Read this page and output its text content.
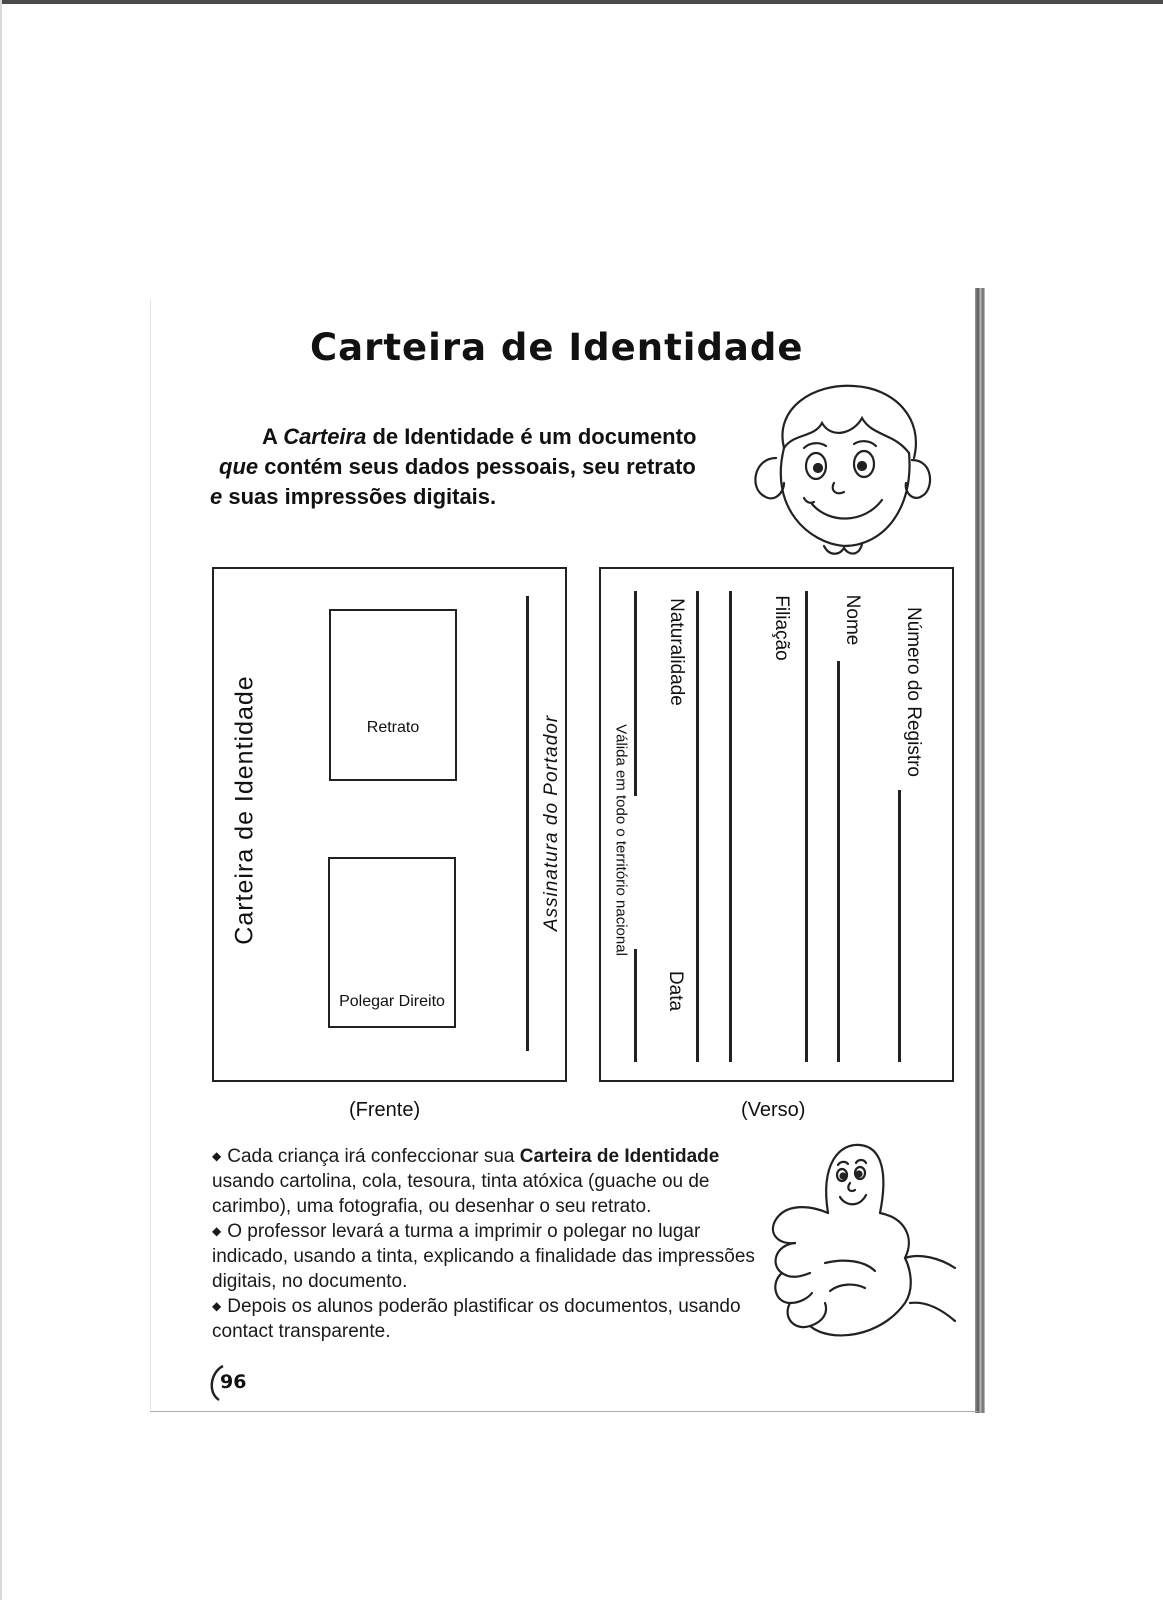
Carteira de Identidade
A Carteira de Identidade é um documento
que contém seus dados pessoais, seu retrato
e suas impressões digitais.
Carteira de Identidade	Retrato
Polegar Direito
Assinatura do Portador
Número do Registro
Nome
Filiação
Naturalidade
Válida em todo o território nacional
Data
(Frente)	(Verso)
◆ Cada criança irá confeccionar sua Carteira de Identidade usando cartolina, cola, tesoura, tinta atóxica (guache ou de carimbo), uma fotografia, ou desenhar o seu retrato.
◆ O professor levará a turma a imprimir o polegar no lugar indicado, usando a tinta, explicando a finalidade das impressões digitais, no documento.
◆ Depois os alunos poderão plastificar os documentos, usando contact transparente.
96
